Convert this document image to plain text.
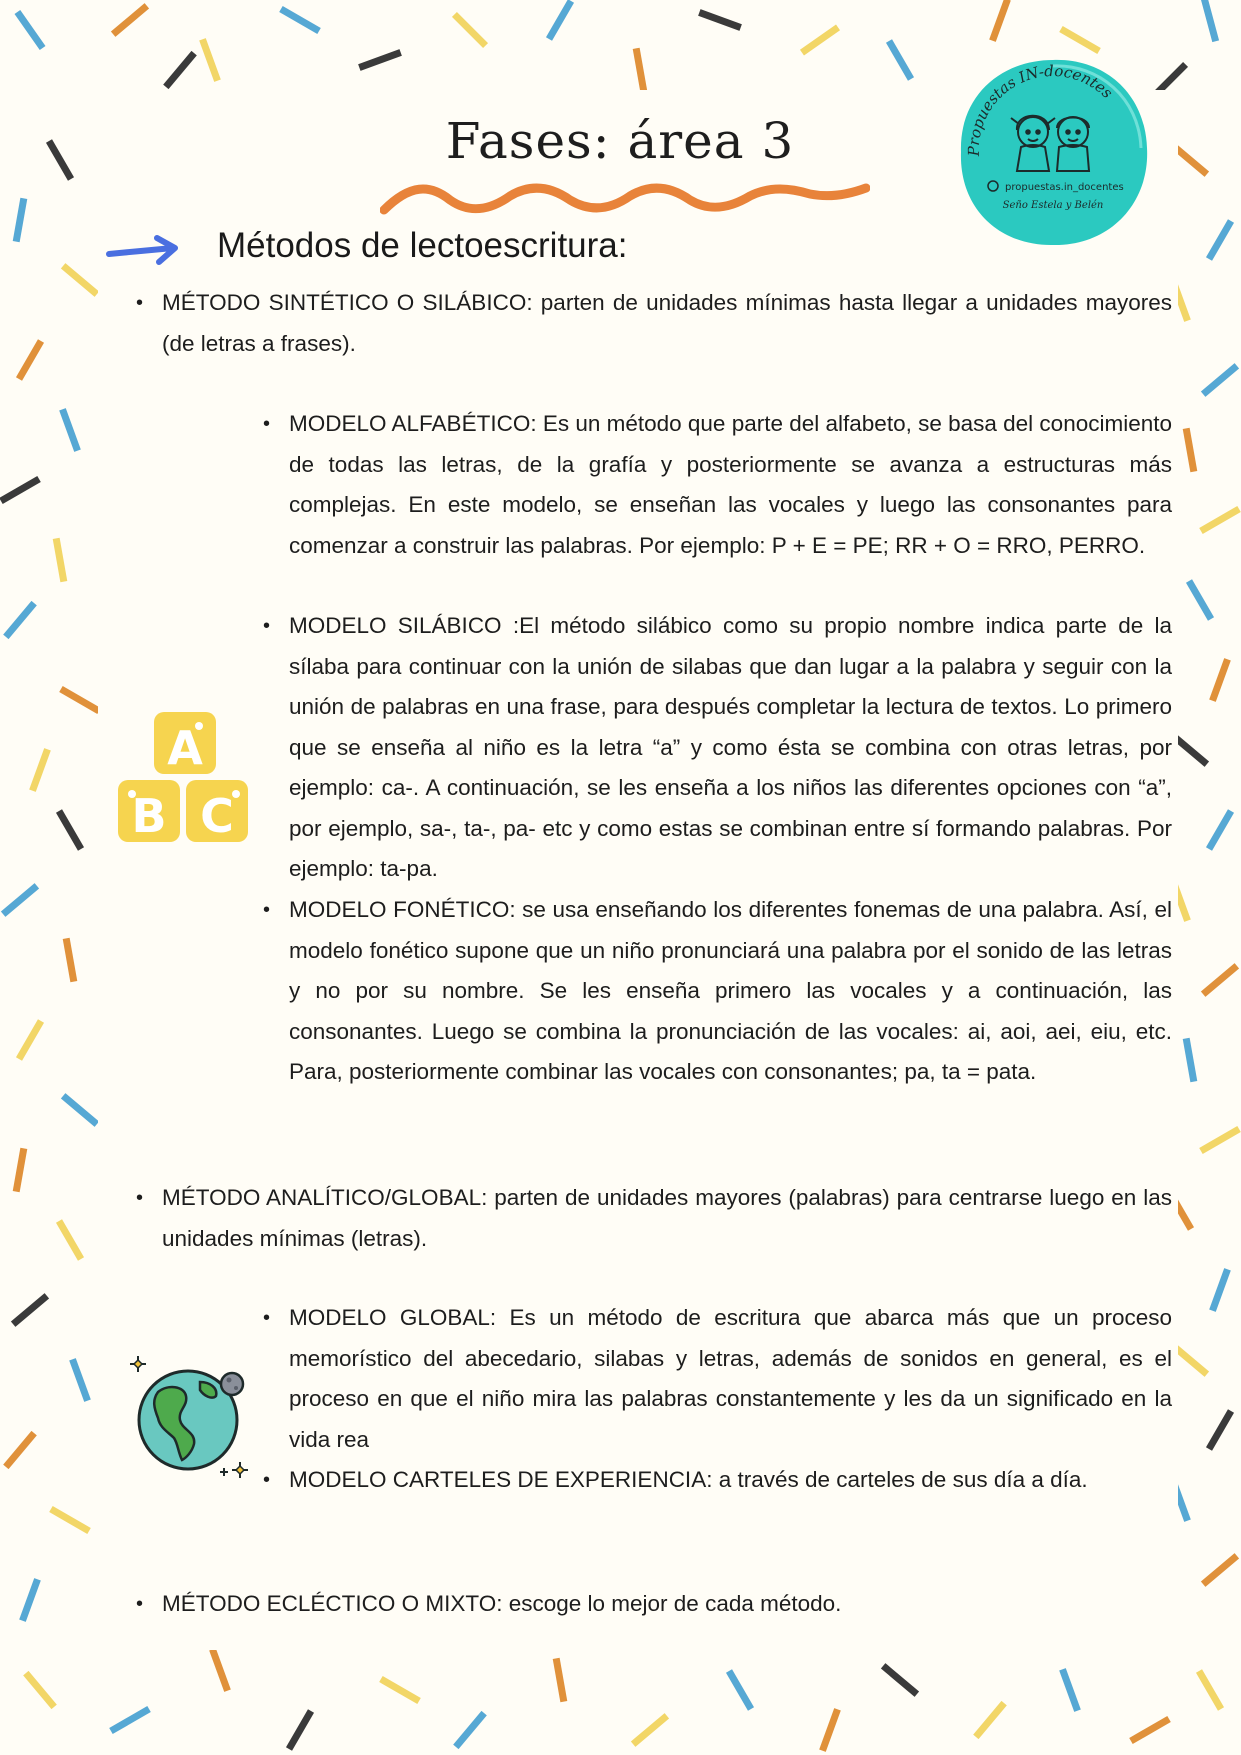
Propuestas IN-docentes
propuestas.in_docentes
Seño Estela y Belén
Fases: área 3
Métodos de lectoescritura:
• MÉTODO SINTÉTICO O SILÁBICO: parten de unidades mínimas hasta llegar a unidades mayores (de letras a frases).
• MODELO ALFABÉTICO: Es un método que parte del alfabeto, se basa del conocimiento de todas las letras, de la grafía y posteriormente se avanza a estructuras más complejas. En este modelo, se enseñan las vocales y luego las consonantes para comenzar a construir las palabras. Por ejemplo: P + E = PE; RR + O = RRO, PERRO.
• MODELO SILÁBICO :El método silábico como su propio nombre indica parte de la sílaba para continuar con la unión de silabas que dan lugar a la palabra y seguir con la unión de palabras en una frase, para después completar la lectura de textos. Lo primero que se enseña al niño es la letra “a” y como ésta se combina con otras letras, por ejemplo: ca-. A continuación, se les enseña a los niños las diferentes opciones con “a”, por ejemplo, sa-, ta-, pa- etc y como estas se combinan entre sí formando palabras. Por ejemplo: ta-pa.
• MODELO FONÉTICO: se usa enseñando los diferentes fonemas de una palabra. Así, el modelo fonético supone que un niño pronunciará una palabra por el sonido de las letras y no por su nombre. Se les enseña primero las vocales y a continuación, las consonantes. Luego se combina la pronunciación de las vocales: ai, aoi, aei, eiu, etc. Para, posteriormente combinar las vocales con consonantes; pa, ta = pata.
• MÉTODO ANALÍTICO/GLOBAL: parten de unidades mayores (palabras) para centrarse luego en las unidades mínimas (letras).
• MODELO GLOBAL: Es un método de escritura que abarca más que un proceso memorístico del abecedario, silabas y letras, además de sonidos en general, es el proceso en que el niño mira las palabras constantemente y les da un significado en la vida rea
• MODELO CARTELES DE EXPERIENCIA: a través de carteles de sus día a día.
• MÉTODO ECLÉCTICO O MIXTO: escoge lo mejor de cada método.
A
B C
